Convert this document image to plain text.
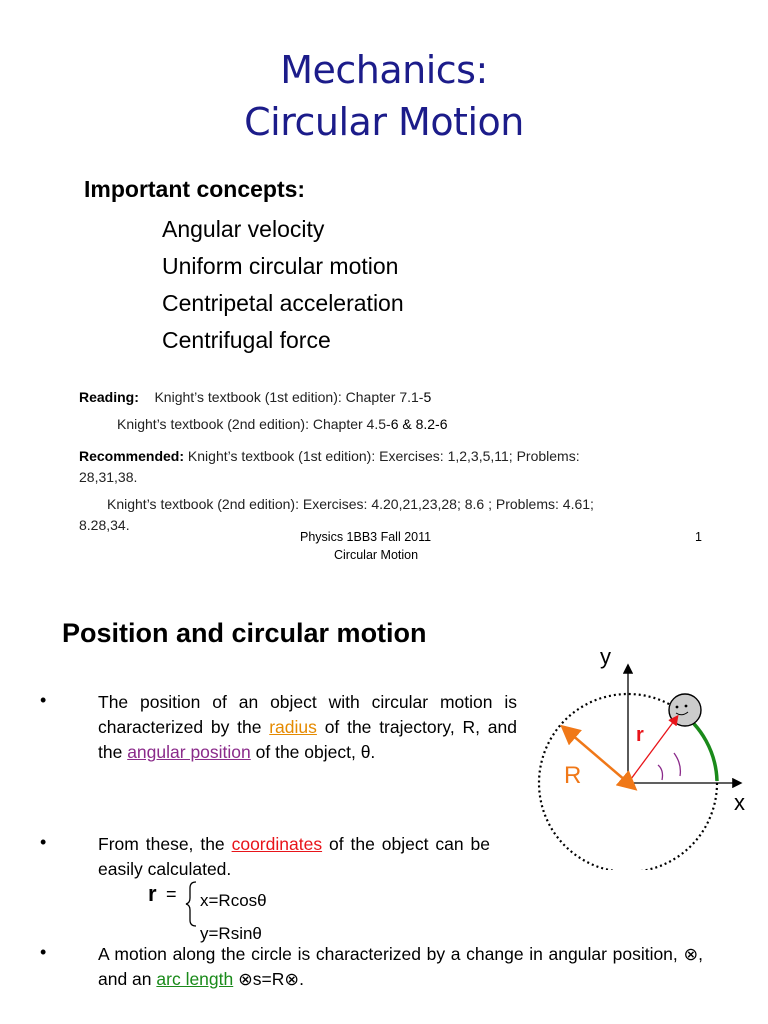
Mechanics:
Circular Motion
Important concepts:
Angular velocity
Uniform circular motion
Centripetal acceleration
Centrifugal force
Reading: Knight’s textbook (1st edition): Chapter 7.1-5
Knight’s textbook (2nd edition): Chapter 4.5-6 & 8.2-6
Recommended: Knight’s textbook (1st edition): Exercises: 1,2,3,5,11; Problems:
28,31,38.
Knight’s textbook (2nd edition): Exercises: 4.20,21,23,28; 8.6 ; Problems: 4.61;
8.28,34.
Physics 1BB3 Fall 2011
Circular Motion
1
Position and circular motion
•	The position of an object with circular motion is characterized by the radius of the trajectory, R, and the angular position of the object, θ.
•	From these, the coordinates of the object can be easily calculated.
r = x=Rcosθ
y=Rsinθ
•	A motion along the circle is characterized by a change in angular position, ⊗, and an arc length ⊗s=R⊗.
y
x
r
R
